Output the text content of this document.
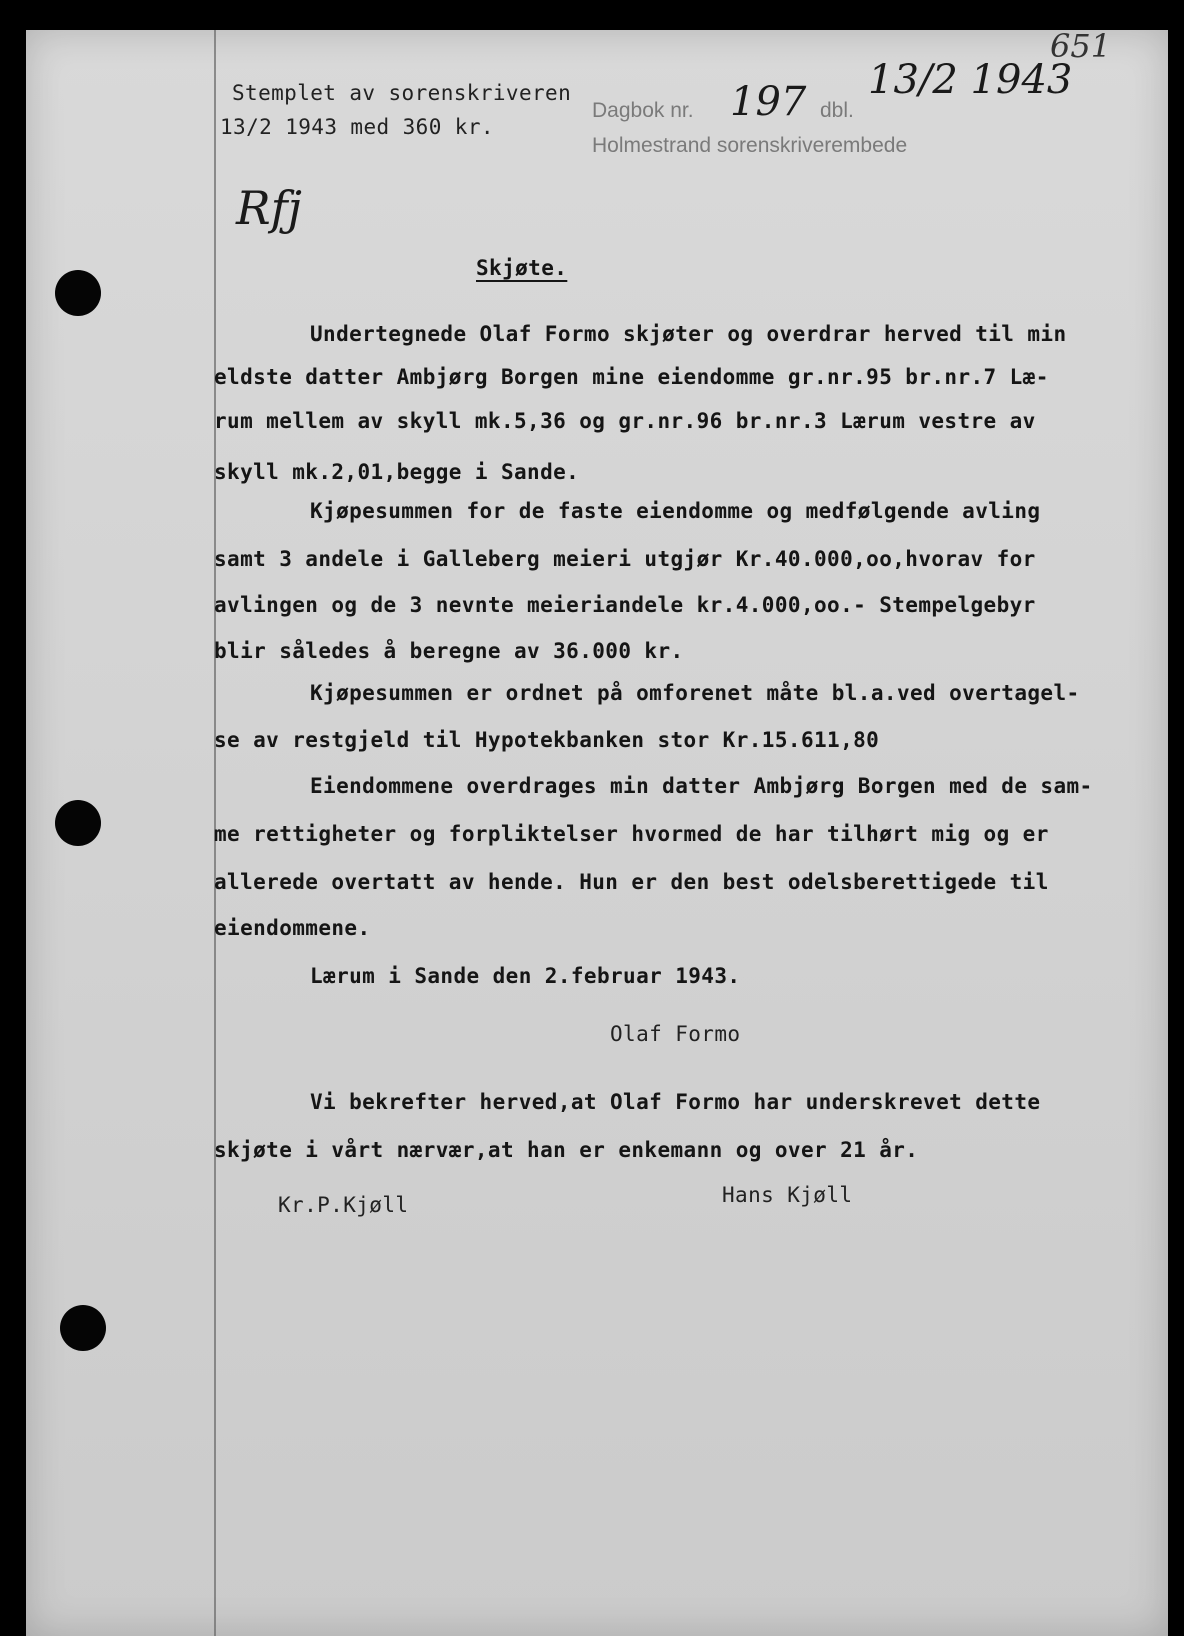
Stemplet av sorenskriveren
13/2 1943 med 360 kr.
Dagbok nr. 197 dbl.
13/2 1943
Holmestrand sorenskriverembede
651
Rfj
Skjøte.
Undertegnede Olaf Formo skjøter og overdrar herved til min
eldste datter Ambjørg Borgen mine eiendomme gr.nr.95 br.nr.7 Læ-
rum mellem av skyll mk.5,36 og gr.nr.96 br.nr.3 Lærum vestre av
skyll mk.2,01,begge i Sande.
Kjøpesummen for de faste eiendomme og medfølgende avling
samt 3 andele i Galleberg meieri utgjør Kr.40.000,oo,hvorav for
avlingen og de 3 nevnte meieriandele kr.4.000,oo.- Stempelgebyr
blir således å beregne av 36.000 kr.
Kjøpesummen er ordnet på omforenet måte bl.a.ved overtagel-
se av restgjeld til Hypotekbanken stor Kr.15.611,80
Eiendommene overdrages min datter Ambjørg Borgen med de sam-
me rettigheter og forpliktelser hvormed de har tilhørt mig og er
allerede overtatt av hende. Hun er den best odelsberettigede til
eiendommene.
Lærum i Sande den 2.februar 1943.
Olaf Formo
Vi bekrefter herved,at Olaf Formo har underskrevet dette
skjøte i vårt nærvær,at han er enkemann og over 21 år.
Kr.P.Kjøll	Hans Kjøll
